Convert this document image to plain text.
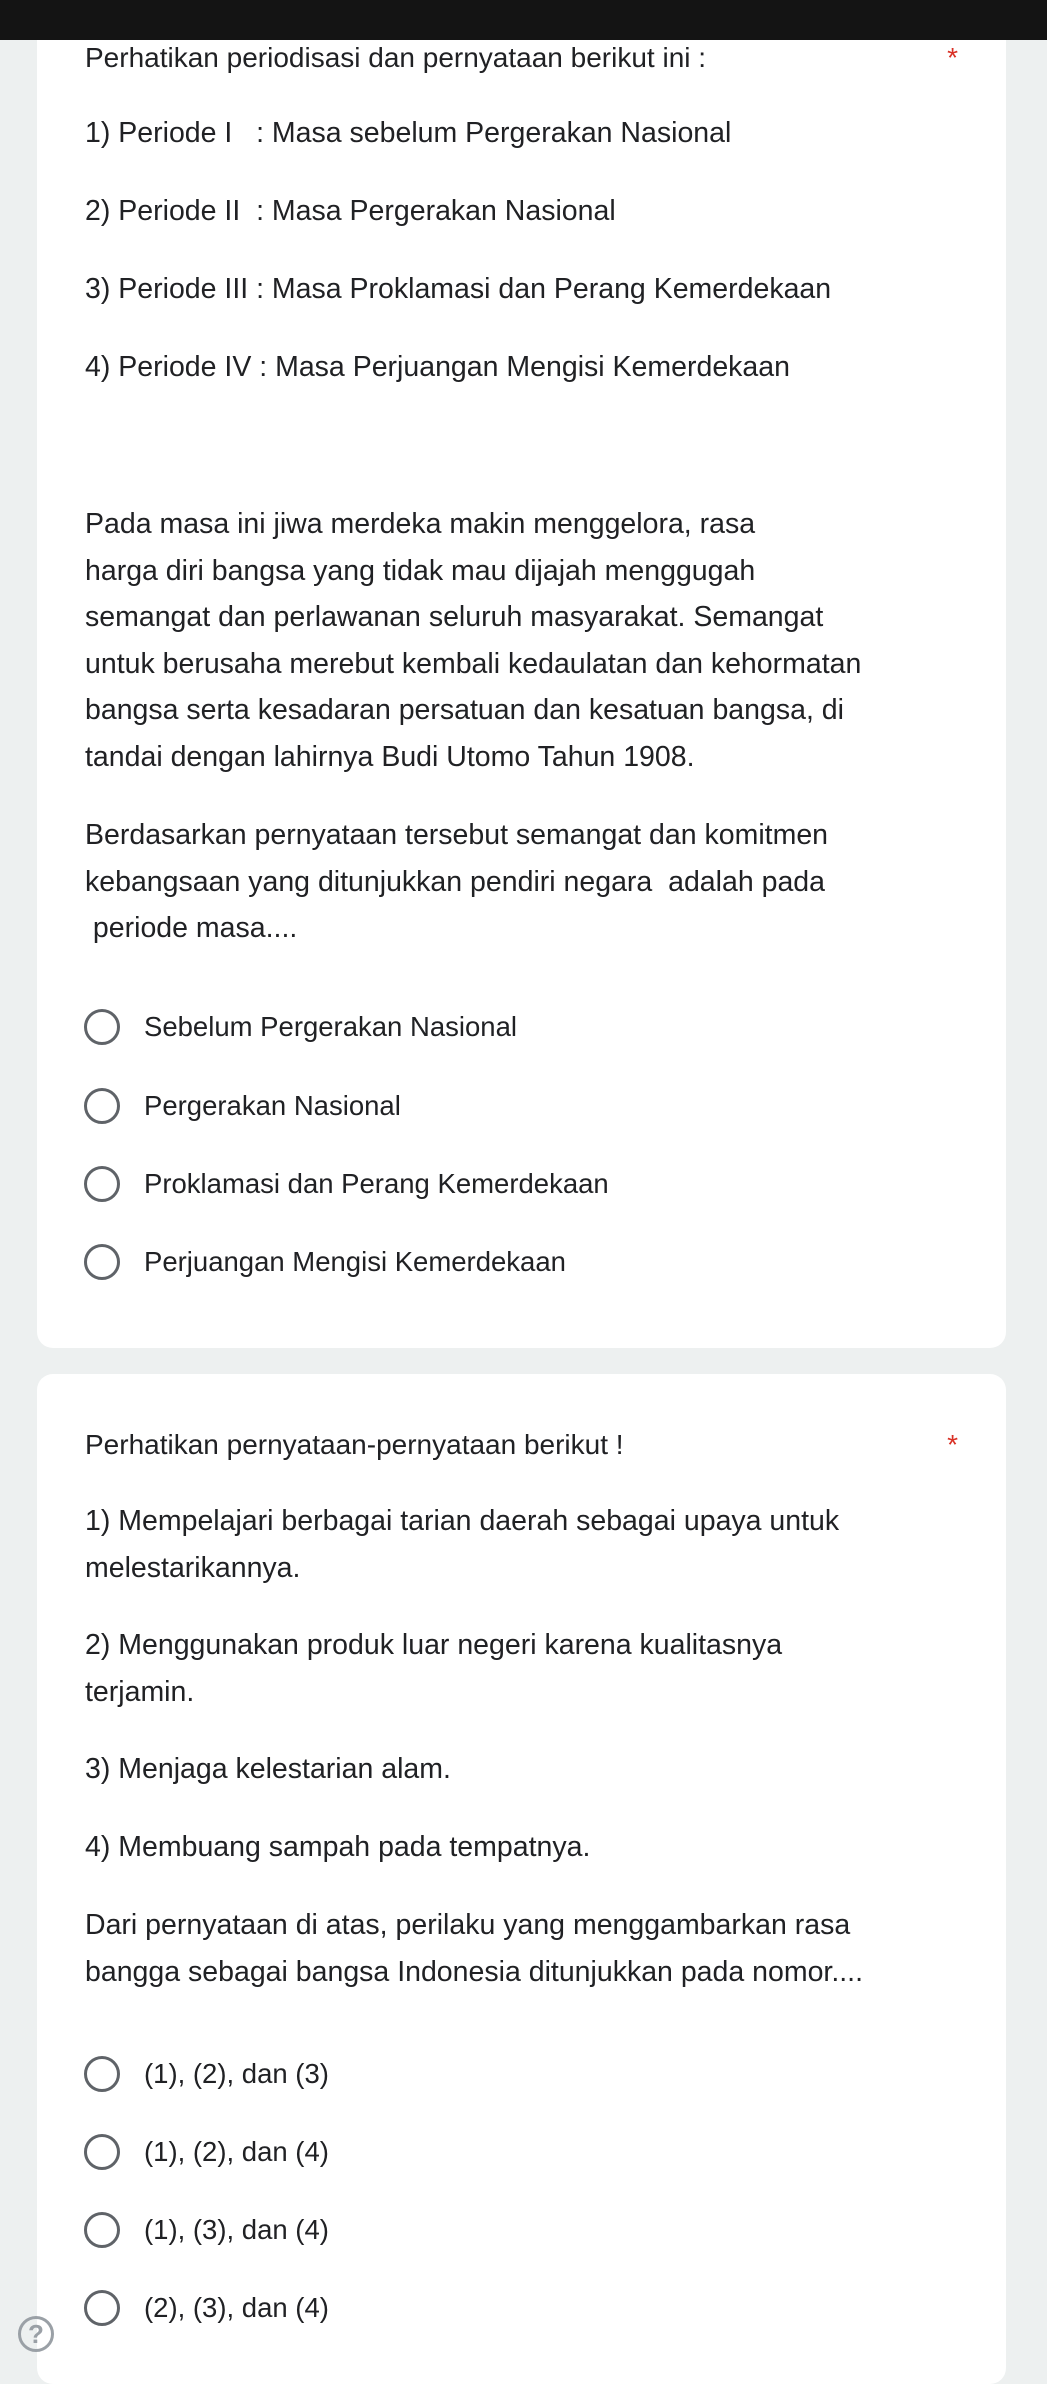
Perhatikan periodisasi dan pernyataan berikut ini :	*
1) Periode I   : Masa sebelum Pergerakan Nasional
2) Periode II  : Masa Pergerakan Nasional
3) Periode III : Masa Proklamasi dan Perang Kemerdekaan
4) Periode IV : Masa Perjuangan Mengisi Kemerdekaan
Pada masa ini jiwa merdeka makin menggelora, rasa
harga diri bangsa yang tidak mau dijajah menggugah
semangat dan perlawanan seluruh masyarakat. Semangat
untuk berusaha merebut kembali kedaulatan dan kehormatan
bangsa serta kesadaran persatuan dan kesatuan bangsa, di
tandai dengan lahirnya Budi Utomo Tahun 1908.
Berdasarkan pernyataan tersebut semangat dan komitmen
kebangsaan yang ditunjukkan pendiri negara  adalah pada
periode masa....
Sebelum Pergerakan Nasional
Pergerakan Nasional
Proklamasi dan Perang Kemerdekaan
Perjuangan Mengisi Kemerdekaan
Perhatikan pernyataan-pernyataan berikut !	*
1) Mempelajari berbagai tarian daerah sebagai upaya untuk
melestarikannya.
2) Menggunakan produk luar negeri karena kualitasnya
terjamin.
3) Menjaga kelestarian alam.
4) Membuang sampah pada tempatnya.
Dari pernyataan di atas, perilaku yang menggambarkan rasa
bangga sebagai bangsa Indonesia ditunjukkan pada nomor....
(1), (2), dan (3)
(1), (2), dan (4)
(1), (3), dan (4)
(2), (3), dan (4)
?
